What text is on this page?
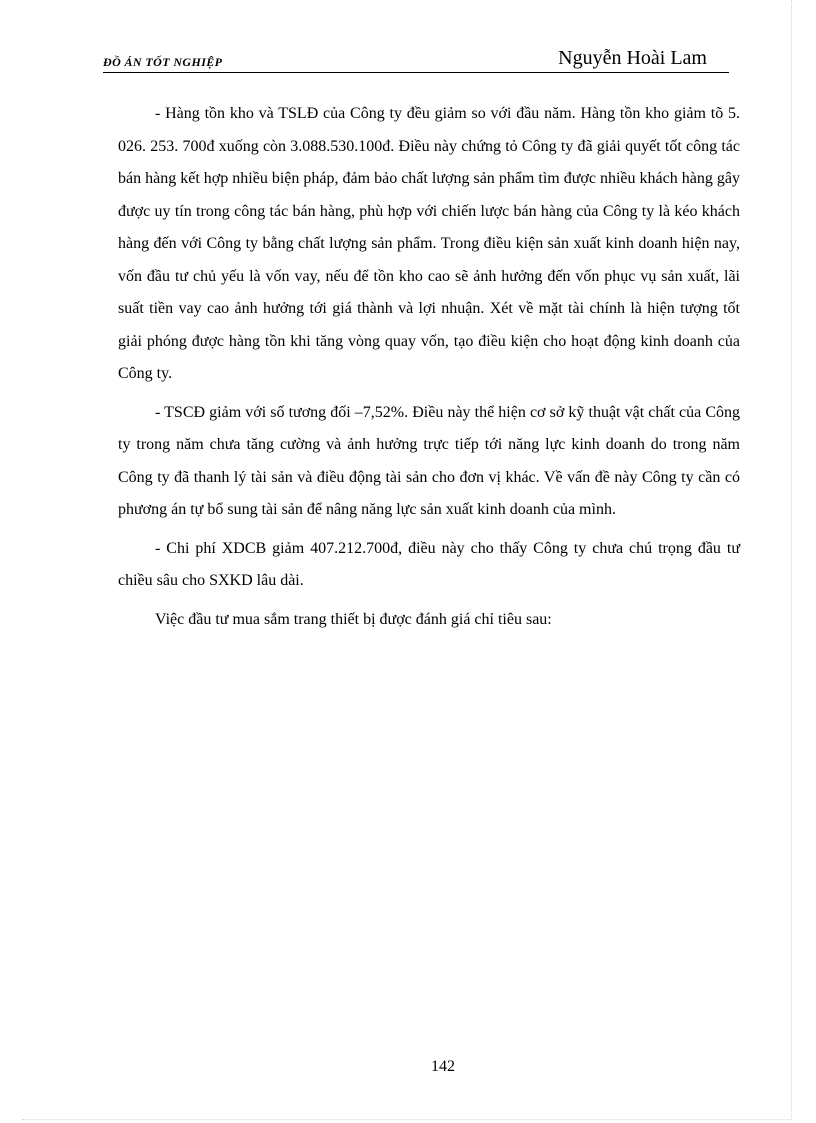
ĐỒ ÁN TỐT NGHIỆP	Nguyễn Hoài Lam

- Hàng tồn kho và TSLĐ của Công ty đều giảm so với đầu năm. Hàng tồn kho giảm tõ 5. 026. 253. 700đ xuống còn 3.088.530.100đ. Điều này chứng tỏ Công ty đã giải quyết tốt công tác bán hàng kết hợp nhiều biện pháp, đảm bảo chất lượng sản phẩm tìm được nhiều khách hàng gây được uy tín trong công tác bán hàng, phù hợp với chiến lược bán hàng của Công ty là kéo khách hàng đến với Công ty bằng chất lượng sản phẩm. Trong điều kiện sản xuất kinh doanh hiện nay, vốn đầu tư chủ yếu là vốn vay, nếu để tồn kho cao sẽ ảnh hưởng đến vốn phục vụ sản xuất, lãi suất tiền vay cao ảnh hưởng tới giá thành và lợi nhuận. Xét về mặt tài chính là hiện tượng tốt giải phóng được hàng tồn khi tăng vòng quay vốn, tạo điều kiện cho hoạt động kinh doanh của Công ty.

- TSCĐ giảm với số tương đối –7,52%. Điều này thể hiện cơ sở kỹ thuật vật chất của Công ty trong năm chưa tăng cường và ảnh hưởng trực tiếp tới năng lực kinh doanh do trong năm Công ty đã thanh lý tài sản và điều động tài sản cho đơn vị khác. Về vấn đề này Công ty cần có phương án tự bổ sung tài sản để nâng năng lực sản xuất kinh doanh của mình.

- Chi phí XDCB giảm 407.212.700đ, điều này cho thấy Công ty chưa chú trọng đầu tư chiều sâu cho SXKD lâu dài.

Việc đầu tư mua sắm trang thiết bị được đánh giá chỉ tiêu sau:

142
